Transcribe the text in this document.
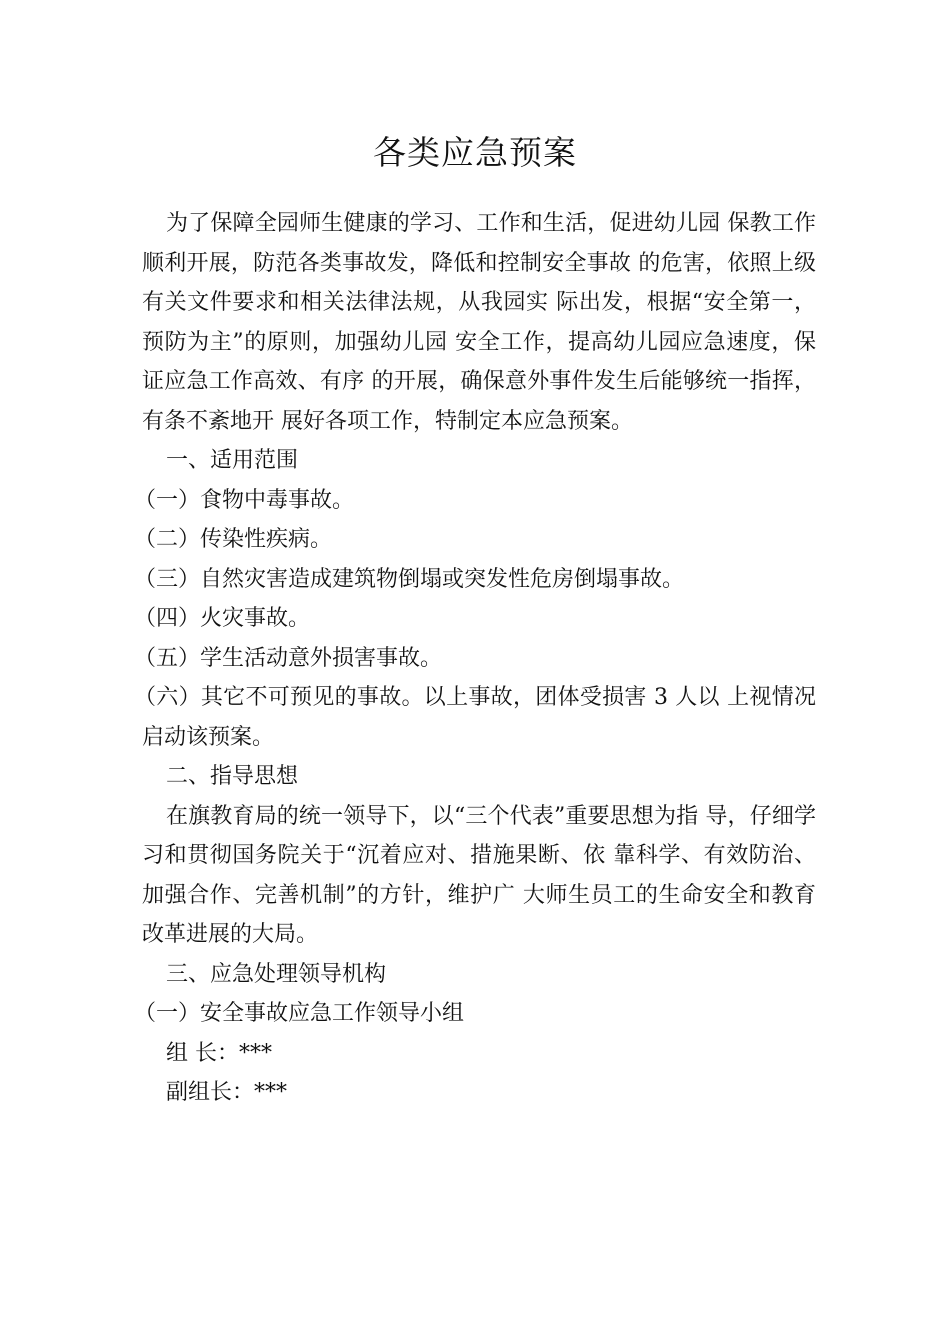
各类应急预案

为了保障全园师生健康的学习、工作和生活，促进幼儿园 保教工作顺利开展，防范各类事故发，降低和控制安全事故 的危害，依照上级有关文件要求和相关法律法规，从我园实 际出发，根据“安全第一，预防为主”的原则，加强幼儿园 安全工作，提高幼儿园应急速度，保证应急工作高效、有序 的开展，确保意外事件发生后能够统一指挥，有条不紊地开 展好各项工作，特制定本应急预案。

一、适用范围

（一）食物中毒事故。

（二）传染性疾病。

（三）自然灾害造成建筑物倒塌或突发性危房倒塌事故。

（四）火灾事故。

（五）学生活动意外损害事故。

（六）其它不可预见的事故。以上事故，团体受损害 3 人以 上视情况启动该预案。

二、指导思想

在旗教育局的统一领导下，以“三个代表”重要思想为指 导，仔细学习和贯彻国务院关于“沉着应对、措施果断、依 靠科学、有效防治、加强合作、完善机制”的方针，维护广 大师生员工的生命安全和教育改革进展的大局。

三、应急处理领导机构

（一）安全事故应急工作领导小组

组 长：***

副组长：***
